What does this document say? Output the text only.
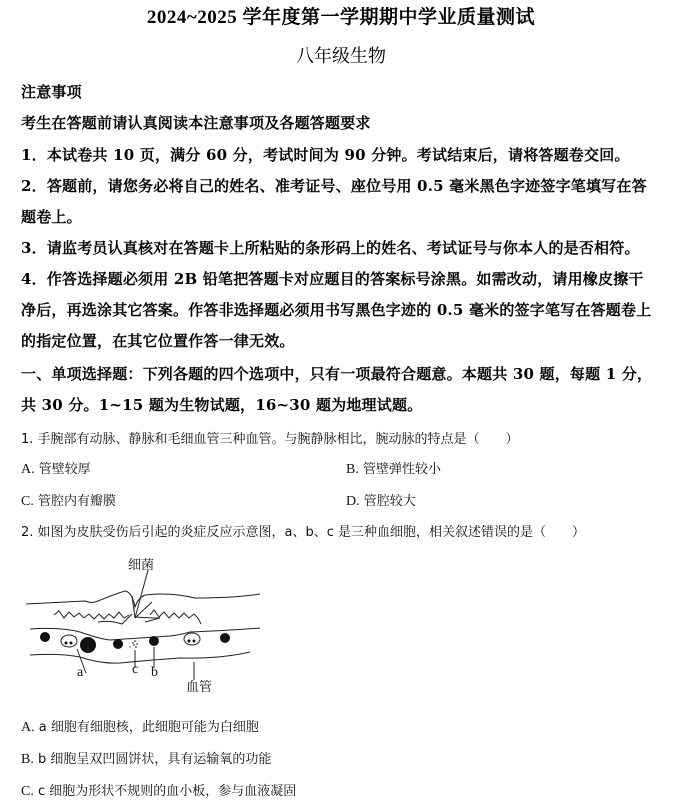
2024~2025 学年度第一学期期中学业质量测试
八年级生物
注意事项
考生在答题前请认真阅读本注意事项及各题答题要求
1．本试卷共 10 页，满分 60 分，考试时间为 90 分钟。考试结束后，请将答题卷交回。
2．答题前，请您务必将自己的姓名、准考证号、座位号用 0.5 毫米黑色字迹签字笔填写在答
题卷上。
3．请监考员认真核对在答题卡上所粘贴的条形码上的姓名、考试证号与你本人的是否相符。
4．作答选择题必须用 2B 铅笔把答题卡对应题目的答案标号涂黑。如需改动，请用橡皮擦干
净后，再选涂其它答案。作答非选择题必须用书写黑色字迹的 0.5 毫米的签字笔写在答题卷上
的指定位置，在其它位置作答一律无效。
一、单项选择题：下列各题的四个选项中，只有一项最符合题意。本题共 30 题，每题 1 分，
共 30 分。1~15 题为生物试题，16~30 题为地理试题。
1. 手腕部有动脉、静脉和毛细血管三种血管。与腕静脉相比，腕动脉的特点是（　　）
A. 管壁较厚	B. 管壁弹性较小
C. 管腔内有瓣膜	D. 管腔较大
2. 如图为皮肤受伤后引起的炎症反应示意图，a、b、c 是三种血细胞，相关叙述错误的是（　　）
细菌
a	c b
血管
A. a 细胞有细胞核，此细胞可能为白细胞
B. b 细胞呈双凹圆饼状，具有运输氧的功能
C. c 细胞为形状不规则的血小板，参与血液凝固
